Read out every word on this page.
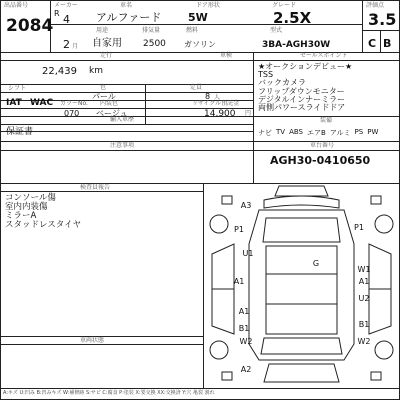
出品番号
2084
メーカー	車名	ドア形状	グレード	評価点
R 4 アルファード 5W	2.5X	3.5
2 月
用途	排気量	燃料	型式
自家用 2500 ガソリン	3BA-AGH30W	C B
走行	車検
22,439 km
色
パール
定員
8 人
シフト
IAT WAC カラーNo. 内装色	リサイクル預託金
070 ベージュ	14,900 円
輸入車歴
保証書
セールスポイント
★オークションデビュー★
TSS
バックカメラ
フリップダウンモニター
デジタルインナーミラー
両側パワースライドドア
装備
ナビ TV ABS エアB アルミ PS PW
注意事項	車台番号
AGH30-0410650
検査員報告
コンソール傷
室内内装傷
ミラーA
スタッドレスタイヤ
車両状態
A:キズ U:凹み B:凹みキズ W:補修跡 S:サビ C:腐食 P:塗装 X:要交換 XX:交換済 Y:穴 亀裂 割れ
A3
P1	P1
U1
G
W1
A1	A1
U2
A1
B1	B1
W2	W2
A2
